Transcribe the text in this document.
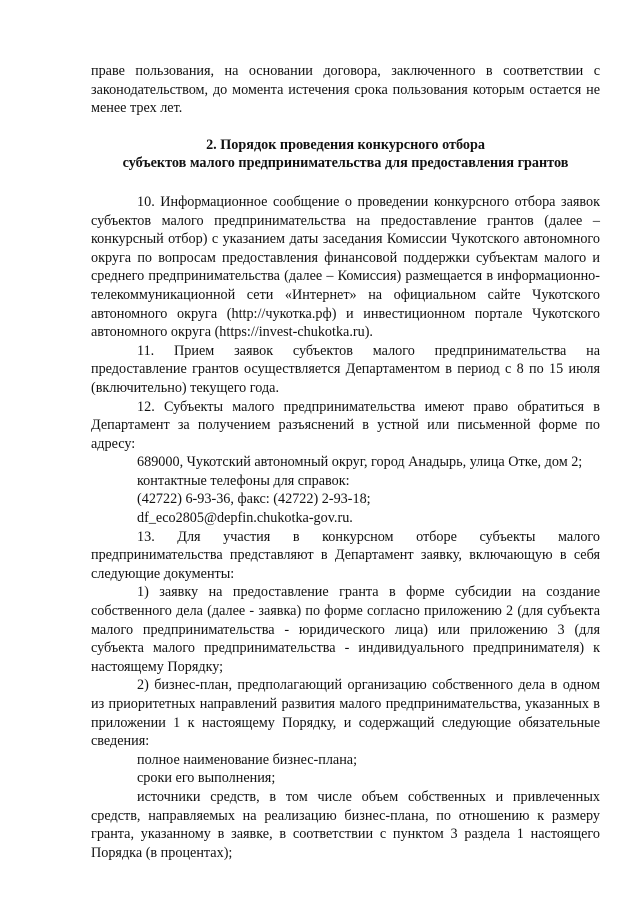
праве пользования, на основании договора, заключенного в соответствии с законодательством, до момента истечения срока пользования которым остается не менее трех лет.

2. Порядок проведения конкурсного отбора
субъектов малого предпринимательства для предоставления грантов

10. Информационное сообщение о проведении конкурсного отбора заявок субъектов малого предпринимательства на предоставление грантов (далее – конкурсный отбор) с указанием даты заседания Комиссии Чукотского автономного округа по вопросам предоставления финансовой поддержки субъектам малого и среднего предпринимательства (далее – Комиссия) размещается в информационно-телекоммуникационной сети «Интернет» на официальном сайте Чукотского автономного округа (http://чукотка.рф) и инвестиционном портале Чукотского автономного округа (https://invest-chukotka.ru).

11. Прием заявок субъектов малого предпринимательства на предоставление грантов осуществляется Департаментом в период с 8 по 15 июля (включительно) текущего года.

12. Субъекты малого предпринимательства имеют право обратиться в Департамент за получением разъяснений в устной или письменной форме по адресу:

689000, Чукотский автономный округ, город Анадырь, улица Отке, дом 2;

контактные телефоны для справок:

(42722) 6-93-36, факс: (42722) 2-93-18;

df_eco2805@depfin.chukotka-gov.ru.

13. Для участия в конкурсном отборе субъекты малого предпринимательства представляют в Департамент заявку, включающую в себя следующие документы:

1) заявку на предоставление гранта в форме субсидии на создание собственного дела (далее - заявка) по форме согласно приложению 2 (для субъекта малого предпринимательства - юридического лица) или приложению 3 (для субъекта малого предпринимательства - индивидуального предпринимателя) к настоящему Порядку;

2) бизнес-план, предполагающий организацию собственного дела в одном из приоритетных направлений развития малого предпринимательства, указанных в приложении 1 к настоящему Порядку, и содержащий следующие обязательные сведения:

полное наименование бизнес-плана;

сроки его выполнения;

источники средств, в том числе объем собственных и привлеченных средств, направляемых на реализацию бизнес-плана, по отношению к размеру гранта, указанному в заявке, в соответствии с пунктом 3 раздела 1 настоящего Порядка (в процентах);
